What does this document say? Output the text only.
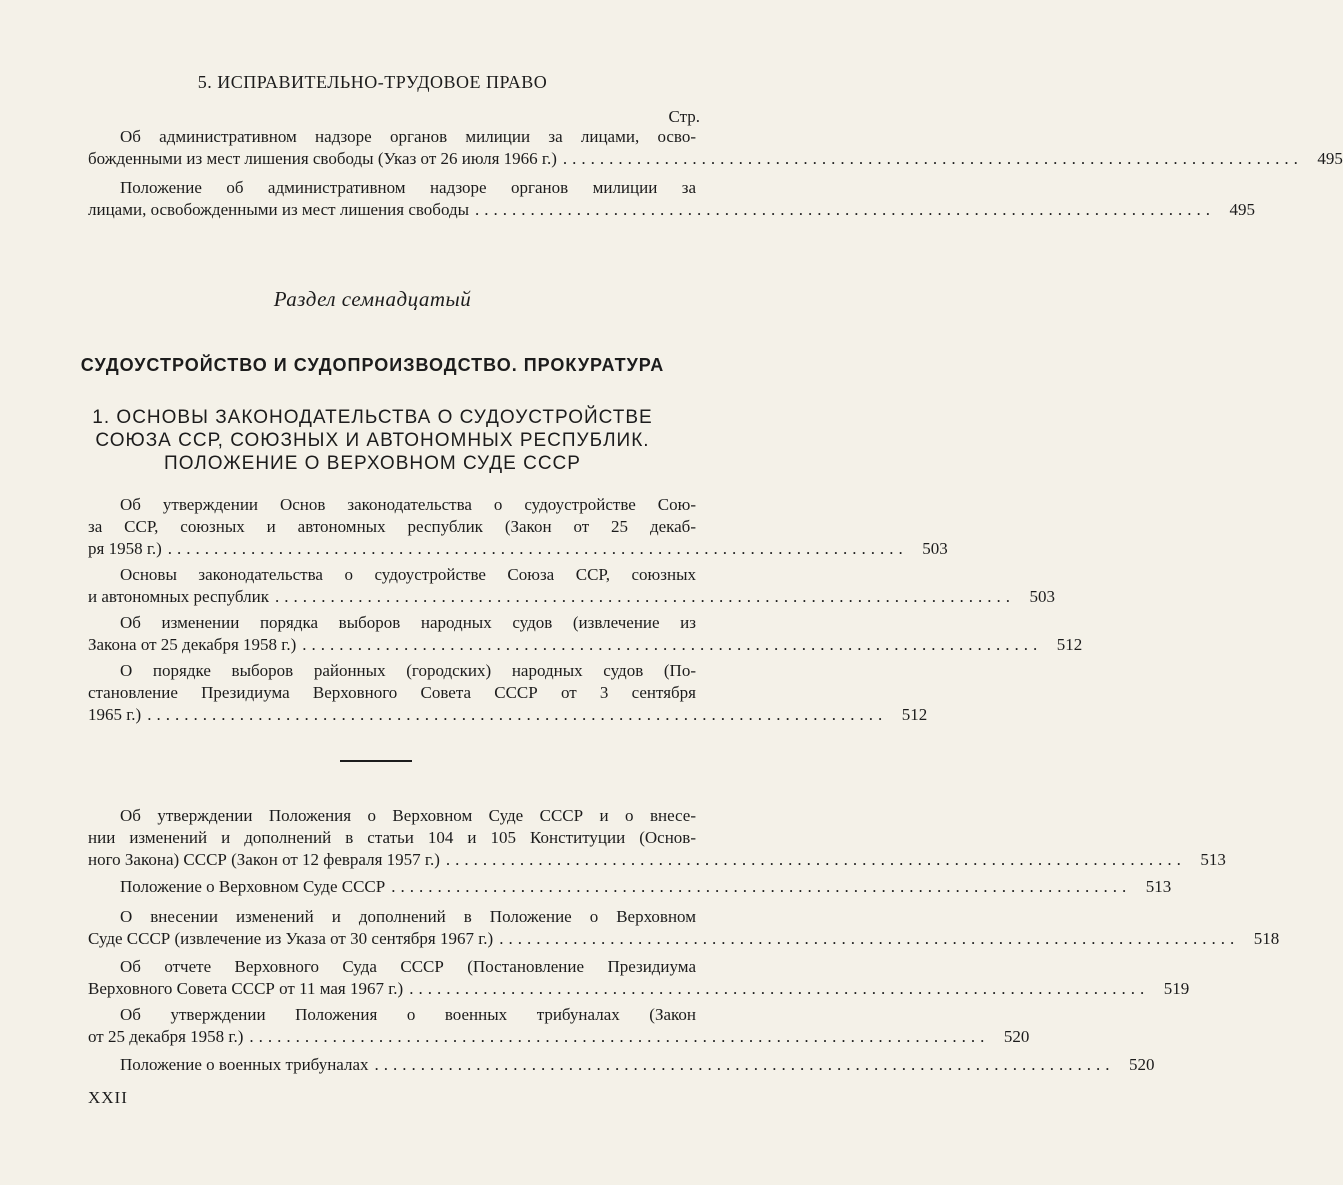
5. ИСПРАВИТЕЛЬНО-ТРУДОВОЕ ПРАВО
Стр.
Раздел семнадцатый
СУДОУСТРОЙСТВО И СУДОПРОИЗВОДСТВО. ПРОКУРАТУРА
1. ОСНОВЫ ЗАКОНОДАТЕЛЬСТВА О СУДОУСТРОЙСТВЕ
СОЮЗА ССР, СОЮЗНЫХ И АВТОНОМНЫХ РЕСПУБЛИК.
ПОЛОЖЕНИЕ О ВЕРХОВНОМ СУДЕ СССР
Об административном надзоре органов милиции за лицами, осво-
божденными из мест лишения свободы (Указ от 26 июля 1966 г.) ................................................................................ 495
Положение об административном надзоре органов милиции за
лицами, освобожденными из мест лишения свободы ................................................................................ 495
Об утверждении Основ законодательства о судоустройстве Сою-
за ССР, союзных и автономных республик (Закон от 25 декаб-
ря 1958 г.) ................................................................................ 503
Основы законодательства о судоустройстве Союза ССР, союзных
и автономных республик ................................................................................ 503
Об изменении порядка выборов народных судов (извлечение из
Закона от 25 декабря 1958 г.) ................................................................................ 512
О порядке выборов районных (городских) народных судов (По-
становление Президиума Верховного Совета СССР от 3 сентября
1965 г.) ................................................................................ 512
Об утверждении Положения о Верховном Суде СССР и о внесе-
нии изменений и дополнений в статьи 104 и 105 Конституции (Основ-
ного Закона) СССР (Закон от 12 февраля 1957 г.) ................................................................................ 513
Положение о Верховном Суде СССР ................................................................................ 513
О внесении изменений и дополнений в Положение о Верховном
Суде СССР (извлечение из Указа от 30 сентября 1967 г.) ................................................................................ 518
Об отчете Верховного Суда СССР (Постановление Президиума
Верховного Совета СССР от 11 мая 1967 г.) ................................................................................ 519
Об утверждении Положения о военных трибуналах (Закон
от 25 декабря 1958 г.) ................................................................................ 520
Положение о военных трибуналах ................................................................................ 520
XXII
